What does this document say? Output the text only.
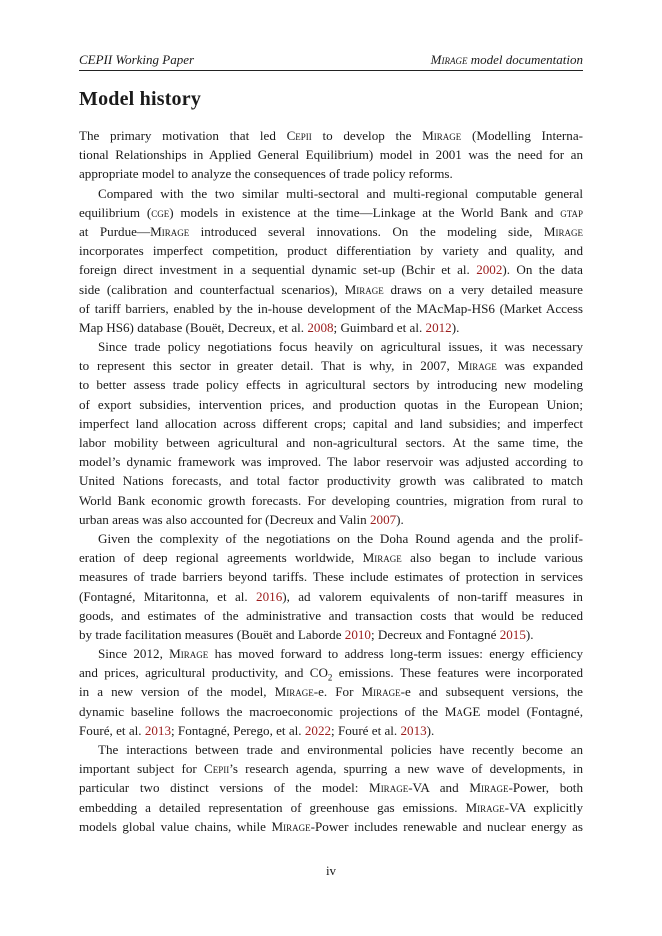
CEPII Working Paper	Mirage model documentation
Model history
The primary motivation that led Cepii to develop the Mirage (Modelling Interna-
tional Relationships in Applied General Equilibrium) model in 2001 was the need for an
appropriate model to analyze the consequences of trade policy reforms.
Compared with the two similar multi-sectoral and multi-regional computable general
equilibrium (cge) models in existence at the time—Linkage at the World Bank and gtap
at Purdue—Mirage introduced several innovations. On the modeling side, Mirage
incorporates imperfect competition, product differentiation by variety and quality, and
foreign direct investment in a sequential dynamic set-up (Bchir et al. 2002). On the data
side (calibration and counterfactual scenarios), Mirage draws on a very detailed measure
of tariff barriers, enabled by the in-house development of the MAcMap-HS6 (Market Access
Map HS6) database (Bouët, Decreux, et al. 2008; Guimbard et al. 2012).
Since trade policy negotiations focus heavily on agricultural issues, it was necessary
to represent this sector in greater detail. That is why, in 2007, Mirage was expanded
to better assess trade policy effects in agricultural sectors by introducing new modeling
of export subsidies, intervention prices, and production quotas in the European Union;
imperfect land allocation across different crops; capital and land subsidies; and imperfect
labor mobility between agricultural and non-agricultural sectors. At the same time, the
model’s dynamic framework was improved. The labor reservoir was adjusted according to
United Nations forecasts, and total factor productivity growth was calibrated to match
World Bank economic growth forecasts. For developing countries, migration from rural to
urban areas was also accounted for (Decreux and Valin 2007).
Given the complexity of the negotiations on the Doha Round agenda and the prolif-
eration of deep regional agreements worldwide, Mirage also began to include various
measures of trade barriers beyond tariffs. These include estimates of protection in services
(Fontagné, Mitaritonna, et al. 2016), ad valorem equivalents of non-tariff measures in
goods, and estimates of the administrative and transaction costs that would be reduced
by trade facilitation measures (Bouët and Laborde 2010; Decreux and Fontagné 2015).
Since 2012, Mirage has moved forward to address long-term issues: energy efficiency
and prices, agricultural productivity, and $CO_2$ emissions. These features were incorporated
in a new version of the model, Mirage-e. For Mirage-e and subsequent versions, the
dynamic baseline follows the macroeconomic projections of the MaGE model (Fontagné,
Fouré, et al. 2013; Fontagné, Perego, et al. 2022; Fouré et al. 2013).
The interactions between trade and environmental policies have recently become an
important subject for Cepii’s research agenda, spurring a new wave of developments, in
particular two distinct versions of the model: Mirage-VA and Mirage-Power, both
embedding a detailed representation of greenhouse gas emissions. Mirage-VA explicitly
models global value chains, while Mirage-Power includes renewable and nuclear energy as
iv
